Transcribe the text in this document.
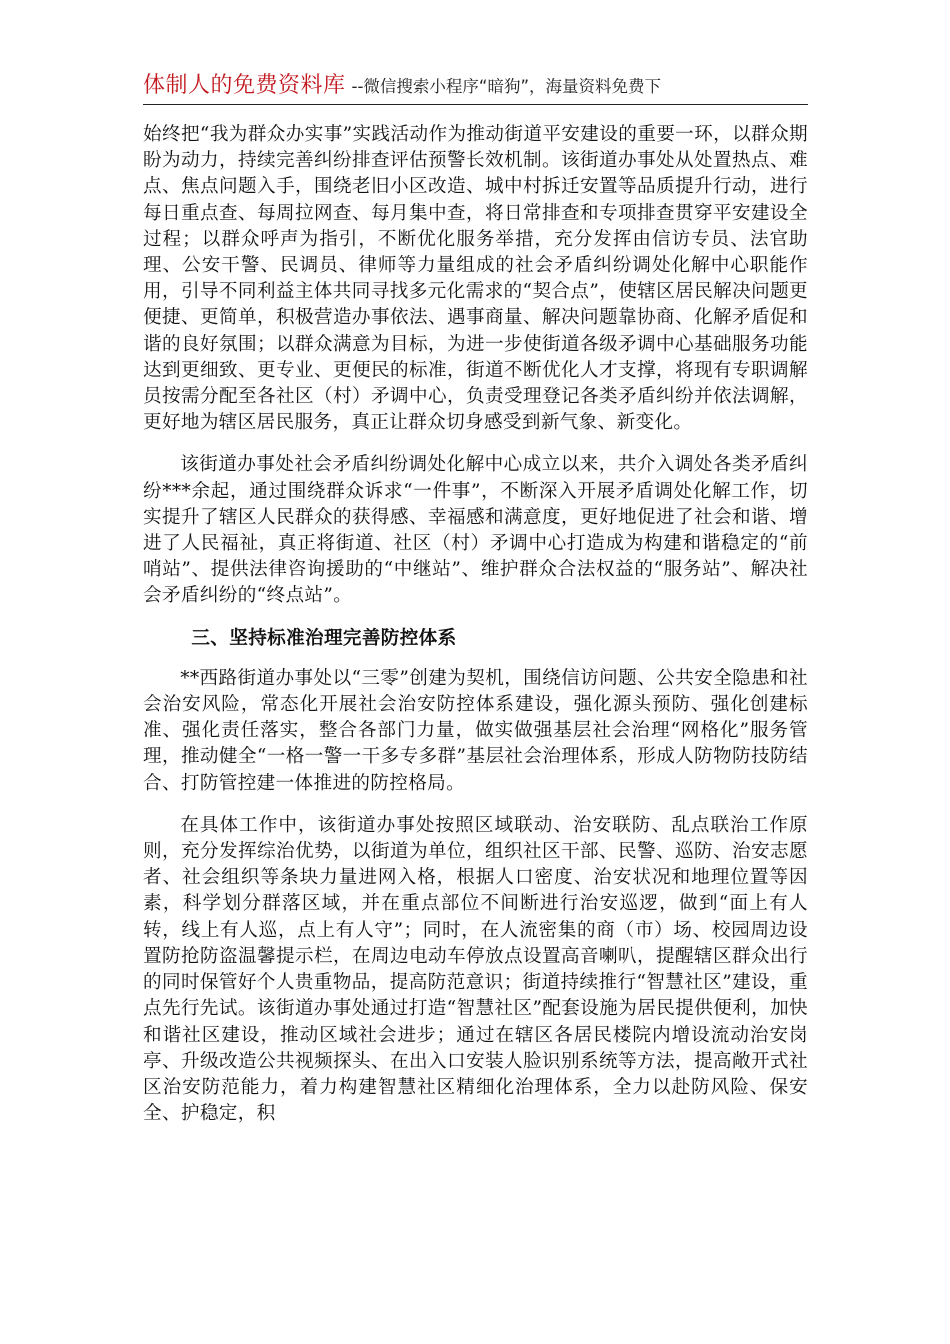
体制人的免费资料库 --微信搜索小程序“暗狗”，海量资料免费下

始终把“我为群众办实事”实践活动作为推动街道平安建设的重要一环，以群众期盼为动力，持续完善纠纷排查评估预警长效机制。该街道办事处从处置热点、难点、焦点问题入手，围绕老旧小区改造、城中村拆迁安置等品质提升行动，进行每日重点查、每周拉网查、每月集中查，将日常排查和专项排查贯穿平安建设全过程；以群众呼声为指引，不断优化服务举措，充分发挥由信访专员、法官助理、公安干警、民调员、律师等力量组成的社会矛盾纠纷调处化解中心职能作用，引导不同利益主体共同寻找多元化需求的“契合点”，使辖区居民解决问题更便捷、更简单，积极营造办事依法、遇事商量、解决问题靠协商、化解矛盾促和谐的良好氛围；以群众满意为目标，为进一步使街道各级矛调中心基础服务功能达到更细致、更专业、更便民的标准，街道不断优化人才支撑，将现有专职调解员按需分配至各社区（村）矛调中心，负责受理登记各类矛盾纠纷并依法调解，更好地为辖区居民服务，真正让群众切身感受到新气象、新变化。

该街道办事处社会矛盾纠纷调处化解中心成立以来，共介入调处各类矛盾纠纷***余起，通过围绕群众诉求“一件事”，不断深入开展矛盾调处化解工作，切实提升了辖区人民群众的获得感、幸福感和满意度，更好地促进了社会和谐、增进了人民福祉，真正将街道、社区（村）矛调中心打造成为构建和谐稳定的“前哨站”、提供法律咨询援助的“中继站”、维护群众合法权益的“服务站”、解决社会矛盾纠纷的“终点站”。

三、坚持标准治理完善防控体系

**西路街道办事处以“三零”创建为契机，围绕信访问题、公共安全隐患和社会治安风险，常态化开展社会治安防控体系建设，强化源头预防、强化创建标准、强化责任落实，整合各部门力量，做实做强基层社会治理“网格化”服务管理，推动健全“一格一警一干多专多群”基层社会治理体系，形成人防物防技防结合、打防管控建一体推进的防控格局。

在具体工作中，该街道办事处按照区域联动、治安联防、乱点联治工作原则，充分发挥综治优势，以街道为单位，组织社区干部、民警、巡防、治安志愿者、社会组织等条块力量进网入格，根据人口密度、治安状况和地理位置等因素，科学划分群落区域，并在重点部位不间断进行治安巡逻，做到“面上有人转，线上有人巡，点上有人守”；同时，在人流密集的商（市）场、校园周边设置防抢防盗温馨提示栏，在周边电动车停放点设置高音喇叭，提醒辖区群众出行的同时保管好个人贵重物品，提高防范意识；街道持续推行“智慧社区”建设，重点先行先试。该街道办事处通过打造“智慧社区”配套设施为居民提供便利，加快和谐社区建设，推动区域社会进步；通过在辖区各居民楼院内增设流动治安岗亭、升级改造公共视频探头、在出入口安装人脸识别系统等方法，提高敞开式社区治安防范能力，着力构建智慧社区精细化治理体系，全力以赴防风险、保安全、护稳定，积
